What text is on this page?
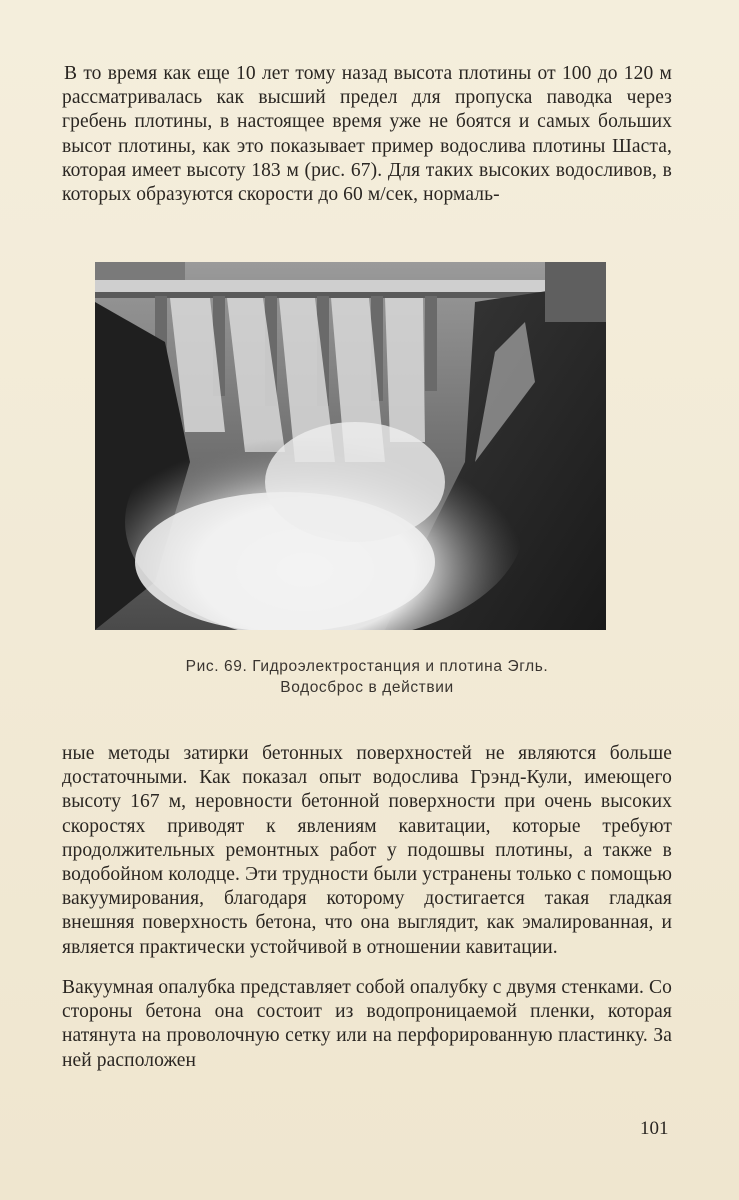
В то время как еще 10 лет тому назад высота плотины от 100 до 120 м рассматривалась как высший предел для пропуска паводка через гребень плотины, в настоящее время уже не боятся и самых больших высот плотины, как это показывает пример водослива плотины Шаста, которая имеет высоту 183 м (рис. 67). Для таких высоких водосливов, в которых образуются скорости до 60 м/сек, нормаль-

Рис. 69. Гидроэлектростанция и плотина Эгль.
Водосброс в действии

ные методы затирки бетонных поверхностей не являются больше достаточными. Как показал опыт водослива Грэнд-Кули, имеющего высоту 167 м, неровности бетонной поверхности при очень высоких скоростях приводят к явлениям кавитации, которые требуют продолжительных ремонтных работ у подошвы плотины, а также в водобойном колодце. Эти трудности были устранены только с помощью вакуумирования, благодаря которому достигается такая гладкая внешняя поверхность бетона, что она выглядит, как эмалированная, и является практически устойчивой в отношении кавитации.

Вакуумная опалубка представляет собой опалубку с двумя стенками. Со стороны бетона она состоит из водопроницаемой пленки, которая натянута на проволочную сетку или на перфорированную пластинку. За ней расположен

101
